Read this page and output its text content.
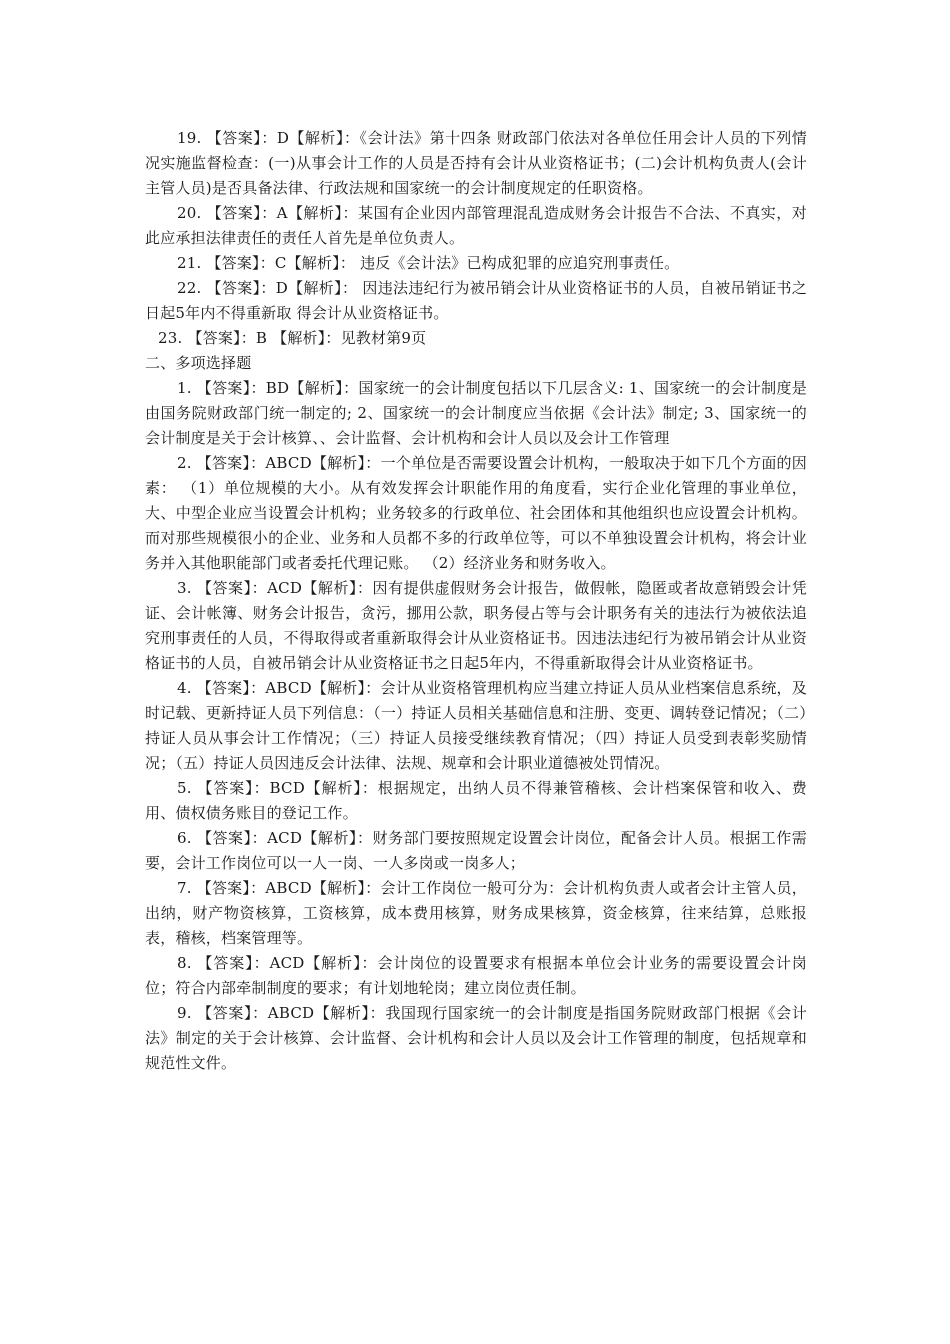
19. 【答案】：D【解析】：《会计法》第十四条 财政部门依法对各单位任用会计人员的下列情况实施监督检查：(一)从事会计工作的人员是否持有会计从业资格证书；(二)会计机构负责人(会计主管人员)是否具备法律、行政法规和国家统一的会计制度规定的任职资格。

20. 【答案】：A【解析】：某国有企业因内部管理混乱造成财务会计报告不合法、不真实，对此应承担法律责任的责任人首先是单位负责人。

21. 【答案】：C【解析】： 违反《会计法》已构成犯罪的应追究刑事责任。

22. 【答案】：D【解析】： 因违法违纪行为被吊销会计从业资格证书的人员，自被吊销证书之日起5年内不得重新取 得会计从业资格证书。

23. 【答案】：B 【解析】：见教材第9页

二、多项选择题

1. 【答案】：BD【解析】：国家统一的会计制度包括以下几层含义: 1、国家统一的会计制度是由国务院财政部门统一制定的; 2、国家统一的会计制度应当依据《会计法》制定; 3、国家统一的会计制度是关于会计核算、、会计监督、会计机构和会计人员以及会计工作管理

2. 【答案】：ABCD【解析】：一个单位是否需要设置会计机构，一般取决于如下几个方面的因素： （1）单位规模的大小。从有效发挥会计职能作用的角度看，实行企业化管理的事业单位，大、中型企业应当设置会计机构；业务较多的行政单位、社会团体和其他组织也应设置会计机构。而对那些规模很小的企业、业务和人员都不多的行政单位等，可以不单独设置会计机构，将会计业务并入其他职能部门或者委托代理记账。 （2）经济业务和财务收入。

3. 【答案】：ACD【解析】：因有提供虚假财务会计报告，做假帐，隐匿或者故意销毁会计凭证、会计帐簿、财务会计报告，贪污，挪用公款，职务侵占等与会计职务有关的违法行为被依法追究刑事责任的人员，不得取得或者重新取得会计从业资格证书。因违法违纪行为被吊销会计从业资格证书的人员，自被吊销会计从业资格证书之日起5年内，不得重新取得会计从业资格证书。

4. 【答案】：ABCD【解析】：会计从业资格管理机构应当建立持证人员从业档案信息系统，及时记载、更新持证人员下列信息：（一）持证人员相关基础信息和注册、变更、调转登记情况；（二）持证人员从事会计工作情况；（三）持证人员接受继续教育情况；（四）持证人员受到表彰奖励情况；（五）持证人员因违反会计法律、法规、规章和会计职业道德被处罚情况。

5. 【答案】：BCD【解析】：根据规定，出纳人员不得兼管稽核、会计档案保管和收入、费用、债权债务账目的登记工作。

6. 【答案】：ACD【解析】：财务部门要按照规定设置会计岗位，配备会计人员。根据工作需要，会计工作岗位可以一人一岗、一人多岗或一岗多人；

7. 【答案】：ABCD【解析】：会计工作岗位一般可分为：会计机构负责人或者会计主管人员，出纳，财产物资核算，工资核算，成本费用核算，财务成果核算，资金核算，往来结算，总账报表，稽核，档案管理等。

8. 【答案】：ACD【解析】：会计岗位的设置要求有根据本单位会计业务的需要设置会计岗位；符合内部牵制制度的要求；有计划地轮岗；建立岗位责任制。

9. 【答案】：ABCD【解析】：我国现行国家统一的会计制度是指国务院财政部门根据《会计法》制定的关于会计核算、会计监督、会计机构和会计人员以及会计工作管理的制度，包括规章和规范性文件。
